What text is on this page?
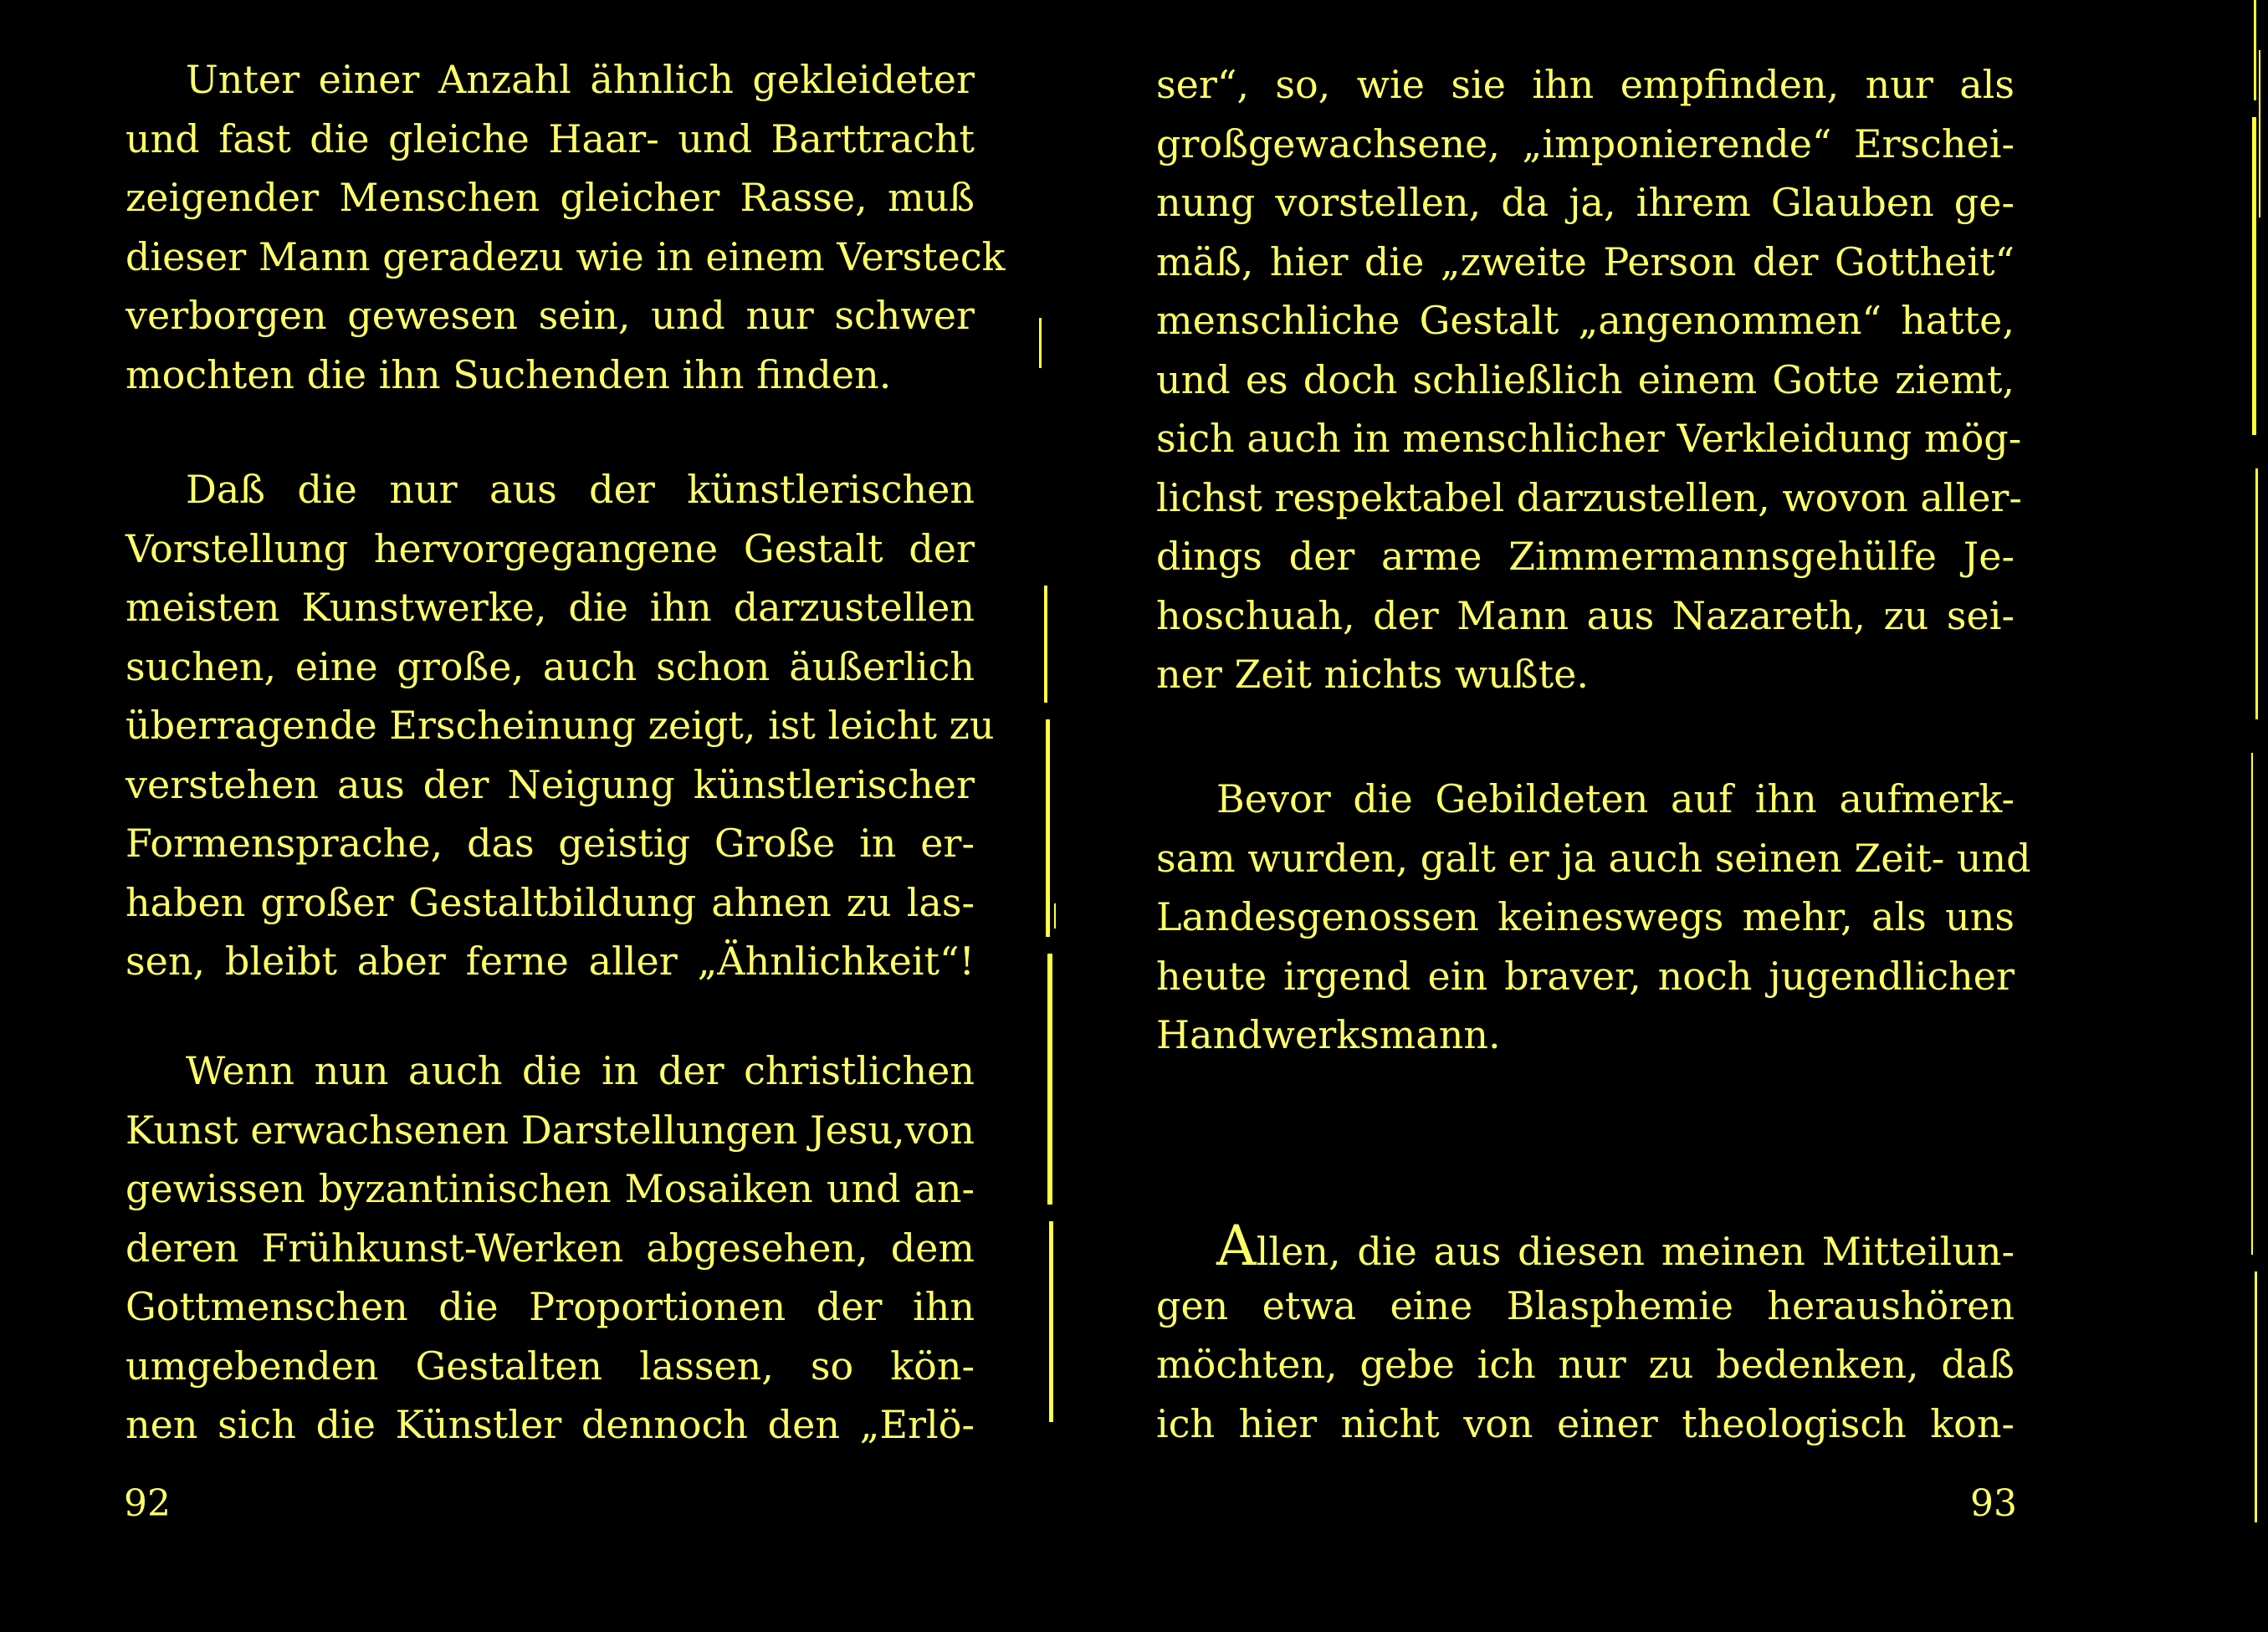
Unter einer Anzahl ähnlich gekleideter
und fast die gleiche Haar- und Barttracht
zeigender Menschen gleicher Rasse, muß
dieser Mann geradezu wie in einem Versteck
verborgen gewesen sein, und nur schwer
mochten die ihn Suchenden ihn finden.
Daß die nur aus der künstlerischen
Vorstellung hervorgegangene Gestalt der
meisten Kunstwerke, die ihn darzustellen
suchen, eine große, auch schon äußerlich
überragende Erscheinung zeigt, ist leicht zu
verstehen aus der Neigung künstlerischer
Formensprache, das geistig Große in er-
haben großer Gestaltbildung ahnen zu las-
sen, bleibt aber ferne aller „Ähnlichkeit“!
Wenn nun auch die in der christlichen
Kunst erwachsenen Darstellungen Jesu,von
gewissen byzantinischen Mosaiken und an-
deren Frühkunst-Werken abgesehen, dem
Gottmenschen die Proportionen der ihn
umgebenden Gestalten lassen, so kön-
nen sich die Künstler dennoch den „Erlö-
92
ser“, so, wie sie ihn empfinden, nur als
großgewachsene, „imponierende“ Erschei-
nung vorstellen, da ja, ihrem Glauben ge-
mäß, hier die „zweite Person der Gottheit“
menschliche Gestalt „angenommen“ hatte,
und es doch schließlich einem Gotte ziemt,
sich auch in menschlicher Verkleidung mög-
lichst respektabel darzustellen, wovon aller-
dings der arme Zimmermannsgehülfe Je-
hoschuah, der Mann aus Nazareth, zu sei-
ner Zeit nichts wußte.
Bevor die Gebildeten auf ihn aufmerk-
sam wurden, galt er ja auch seinen Zeit- und
Landesgenossen keineswegs mehr, als uns
heute irgend ein braver, noch jugendlicher
Handwerksmann.
Allen, die aus diesen meinen Mitteilun-
gen etwa eine Blasphemie heraushören
möchten, gebe ich nur zu bedenken, daß
ich hier nicht von einer theologisch kon-
93
